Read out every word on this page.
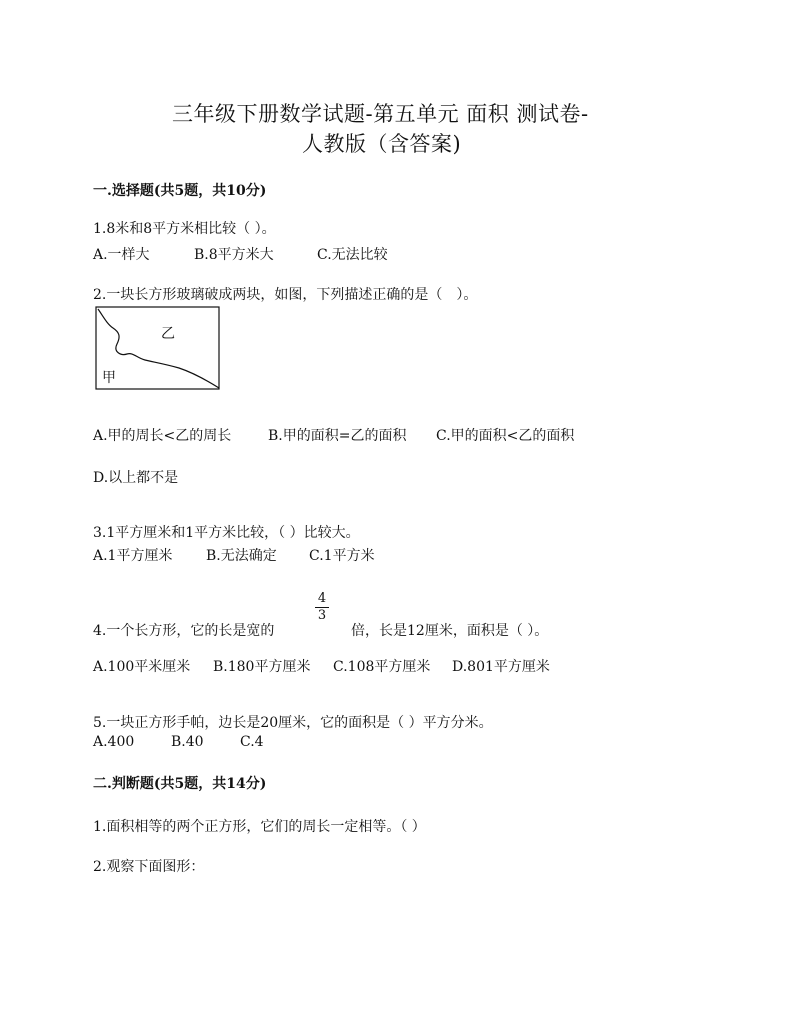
三年级下册数学试题-第五单元 面积 测试卷-
人教版（含答案)
一.选择题(共5题，共10分)
1.8米和8平方米相比较（ ）。
A.一样大	B.8平方米大	C.无法比较
2.一块长方形玻璃破成两块，如图，下列描述正确的是（　）。
乙
甲
A.甲的周长<乙的周长	B.甲的面积=乙的面积 C.甲的面积<乙的面积
D.以上都不是
3.1平方厘米和1平方米比较，（ ）比较大。
A.1平方厘米 B.无法确定 C.1平方米
4.一个长方形，它的长是宽的
4
3
倍，长是12厘米，面积是（ ）。
A.100平米厘米 B.180平方厘米 C.108平方厘米 D.801平方厘米
5.一块正方形手帕，边长是20厘米，它的面积是（ ）平方分米。
A.400	B.40	C.4
二.判断题(共5题，共14分)
1.面积相等的两个正方形，它们的周长一定相等。（ ）
2.观察下面图形：
